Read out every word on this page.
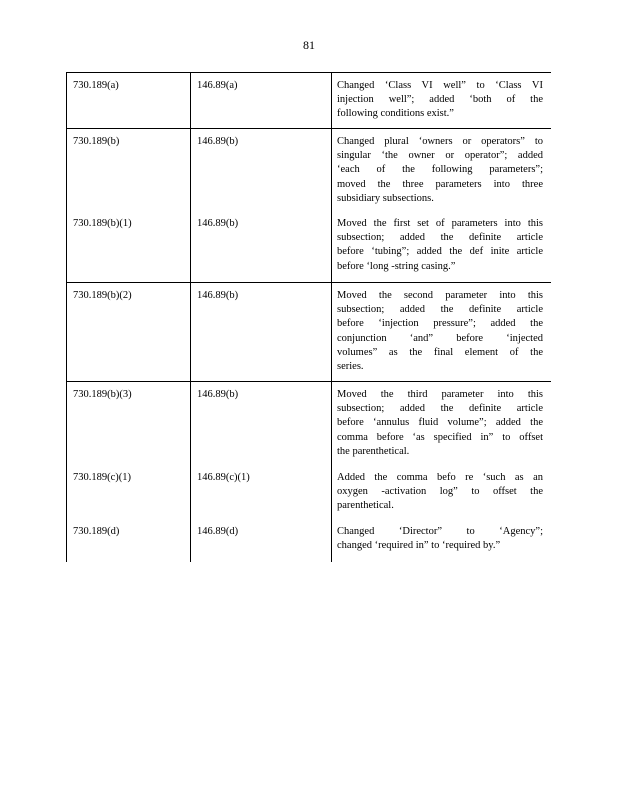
81
730.189(a)	146.89(a)	Changed ‘Class VI well” to ‘Class VI
injection well”; added ‘both of the
following conditions exist.”
730.189(b)	146.89(b)	Changed plural ‘owners or operators” to
singular ‘the owner or operator”; added
‘each of the following parameters”;
moved the three parameters into three
subsidiary subsections.
730.189(b)(1)	146.89(b)	Moved the first set of parameters into this
subsection; added the definite article
before ‘tubing”; added the def inite article
before ‘long -string casing.”
730.189(b)(2)	146.89(b)	Moved the second parameter into this
subsection; added the definite article
before ‘injection pressure”; added the
conjunction ‘and” before ‘injected
volumes” as the final element of the
series.
730.189(b)(3)	146.89(b)	Moved the third parameter into this
subsection; added the definite article
before ‘annulus fluid volume”; added the
comma before ‘as specified in” to offset
the parenthetical.
730.189(c)(1)	146.89(c)(1)	Added the comma befo re ‘such as an
oxygen -activation log” to offset the
parenthetical.
730.189(d)	146.89(d)	Changed ‘Director” to ‘Agency”;
changed ‘required in” to ‘required by.”
